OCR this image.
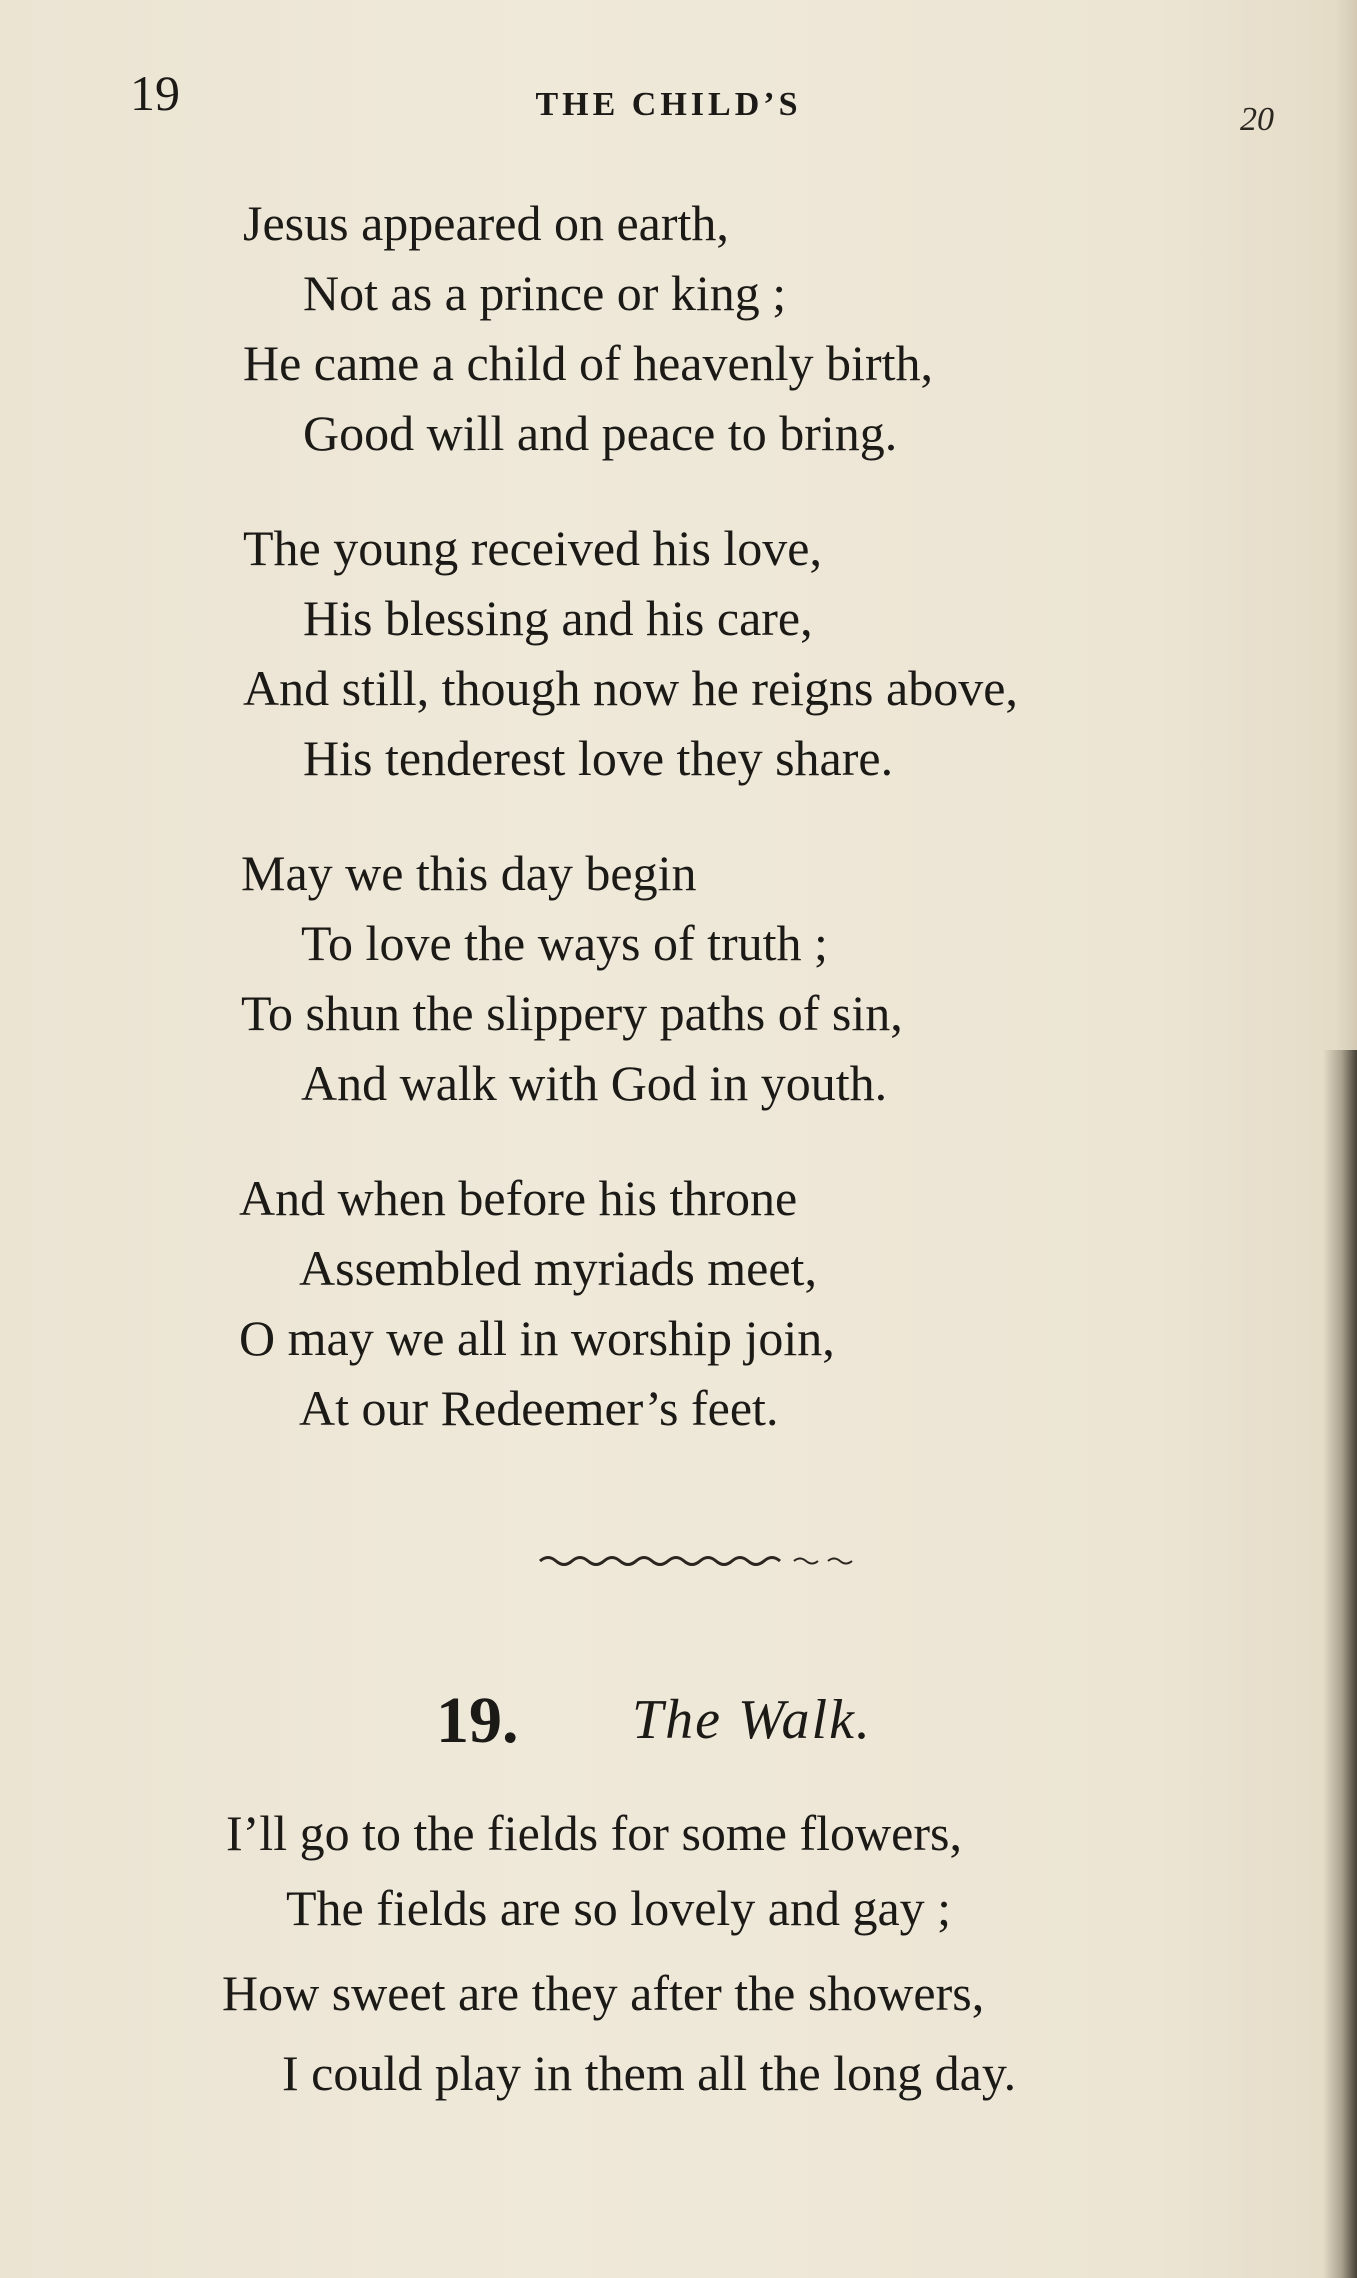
19	THE CHILD’S	20
Jesus appeared on earth,
Not as a prince or king ;
He came a child of heavenly birth,
Good will and peace to bring.
The young received his love,
His blessing and his care,
And still, though now he reigns above,
His tenderest love they share.
May we this day begin
To love the ways of truth ;
To shun the slippery paths of sin,
And walk with God in youth.
And when before his throne
Assembled myriads meet,
O may we all in worship join,
At our Redeemer’s feet.
19. The Walk.
I’ll go to the fields for some flowers,
The fields are so lovely and gay ;
How sweet are they after the showers,
I could play in them all the long day.
